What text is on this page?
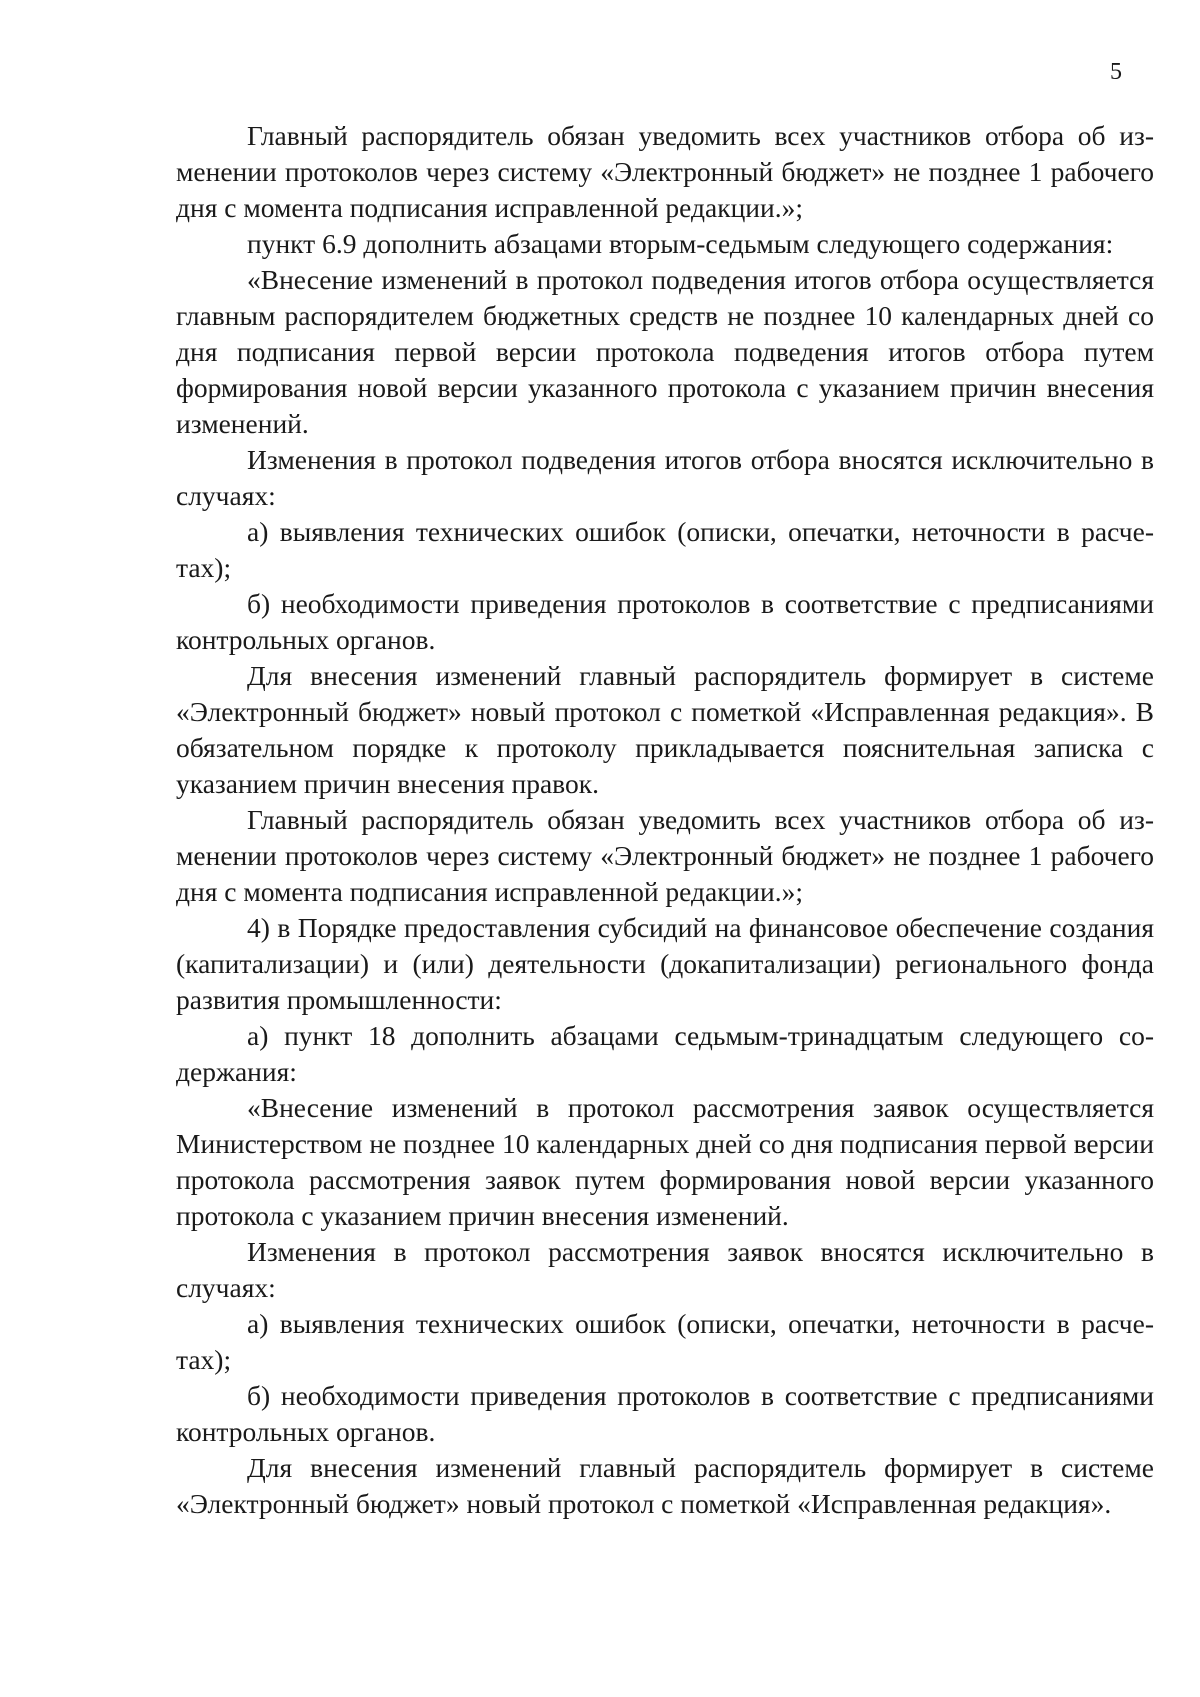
5

Главный распорядитель обязан уведомить всех участников отбора об изменении протоколов через систему «Электронный бюджет» не позднее 1 рабочего дня с момента подписания исправленной редакции.»;

пункт 6.9 дополнить абзацами вторым-седьмым следующего содержания:

«Внесение изменений в протокол подведения итогов отбора осуществляется главным распорядителем бюджетных средств не позднее 10 календарных дней со дня подписания первой версии протокола подведения итогов отбора путем формирования новой версии указанного протокола с указанием причин внесения изменений.

Изменения в протокол подведения итогов отбора вносятся исключительно в случаях:

а) выявления технических ошибок (описки, опечатки, неточности в расчетах);

б) необходимости приведения протоколов в соответствие с предписаниями контрольных органов.

Для внесения изменений главный распорядитель формирует в системе «Электронный бюджет» новый протокол с пометкой «Исправленная редакция». В обязательном порядке к протоколу прикладывается пояснительная записка с указанием причин внесения правок.

Главный распорядитель обязан уведомить всех участников отбора об изменении протоколов через систему «Электронный бюджет» не позднее 1 рабочего дня с момента подписания исправленной редакции.»;

4) в Порядке предоставления субсидий на финансовое обеспечение создания (капитализации) и (или) деятельности (докапитализации) регионального фонда развития промышленности:

а) пункт 18 дополнить абзацами седьмым-тринадцатым следующего содержания:

«Внесение изменений в протокол рассмотрения заявок осуществляется Министерством не позднее 10 календарных дней со дня подписания первой версии протокола рассмотрения заявок путем формирования новой версии указанного протокола с указанием причин внесения изменений.

Изменения в протокол рассмотрения заявок вносятся исключительно в случаях:

а) выявления технических ошибок (описки, опечатки, неточности в расчетах);

б) необходимости приведения протоколов в соответствие с предписаниями контрольных органов.

Для внесения изменений главный распорядитель формирует в системе «Электронный бюджет» новый протокол с пометкой «Исправленная редакция».
